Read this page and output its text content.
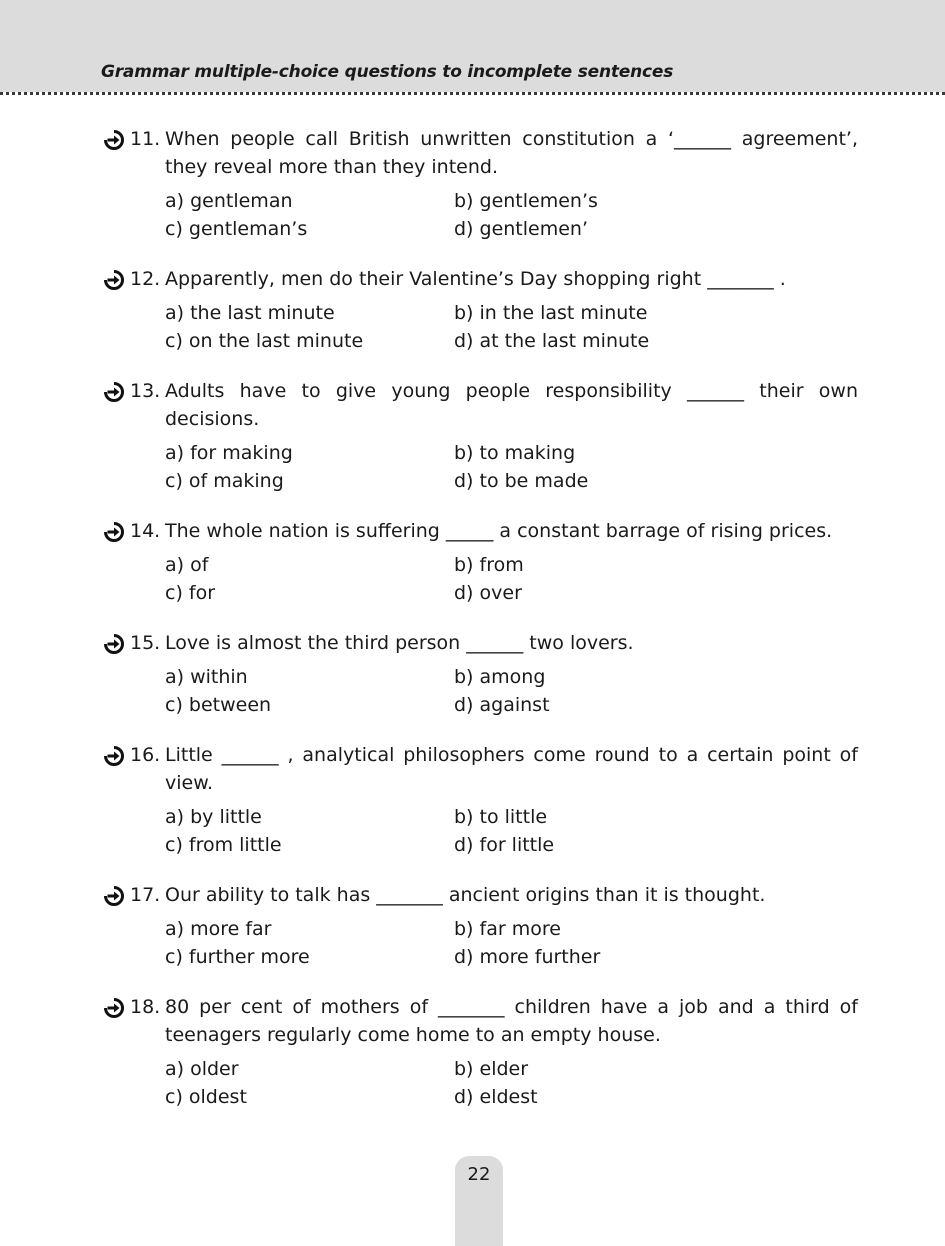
Grammar multiple-choice questions to incomplete sentences
11. When people call British unwritten constitution a ‘______ agreement’, they reveal more than they intend.
a) gentleman	b) gentlemen’s
c) gentleman’s	d) gentlemen’
12. Apparently, men do their Valentine’s Day shopping right _______ .
a) the last minute	b) in the last minute
c) on the last minute	d) at the last minute
13. Adults have to give young people responsibility ______ their own decisions.
a) for making	b) to making
c) of making	d) to be made
14. The whole nation is suffering _____ a constant barrage of rising prices.
a) of	b) from
c) for	d) over
15. Love is almost the third person ______ two lovers.
a) within	b) among
c) between	d) against
16. Little ______ , analytical philosophers come round to a certain point of view.
a) by little	b) to little
c) from little	d) for little
17. Our ability to talk has _______ ancient origins than it is thought.
a) more far	b) far more
c) further more	d) more further
18. 80 per cent of mothers of _______ children have a job and a third of teenagers regularly come home to an empty house.
a) older	b) elder
c) oldest	d) eldest
22
